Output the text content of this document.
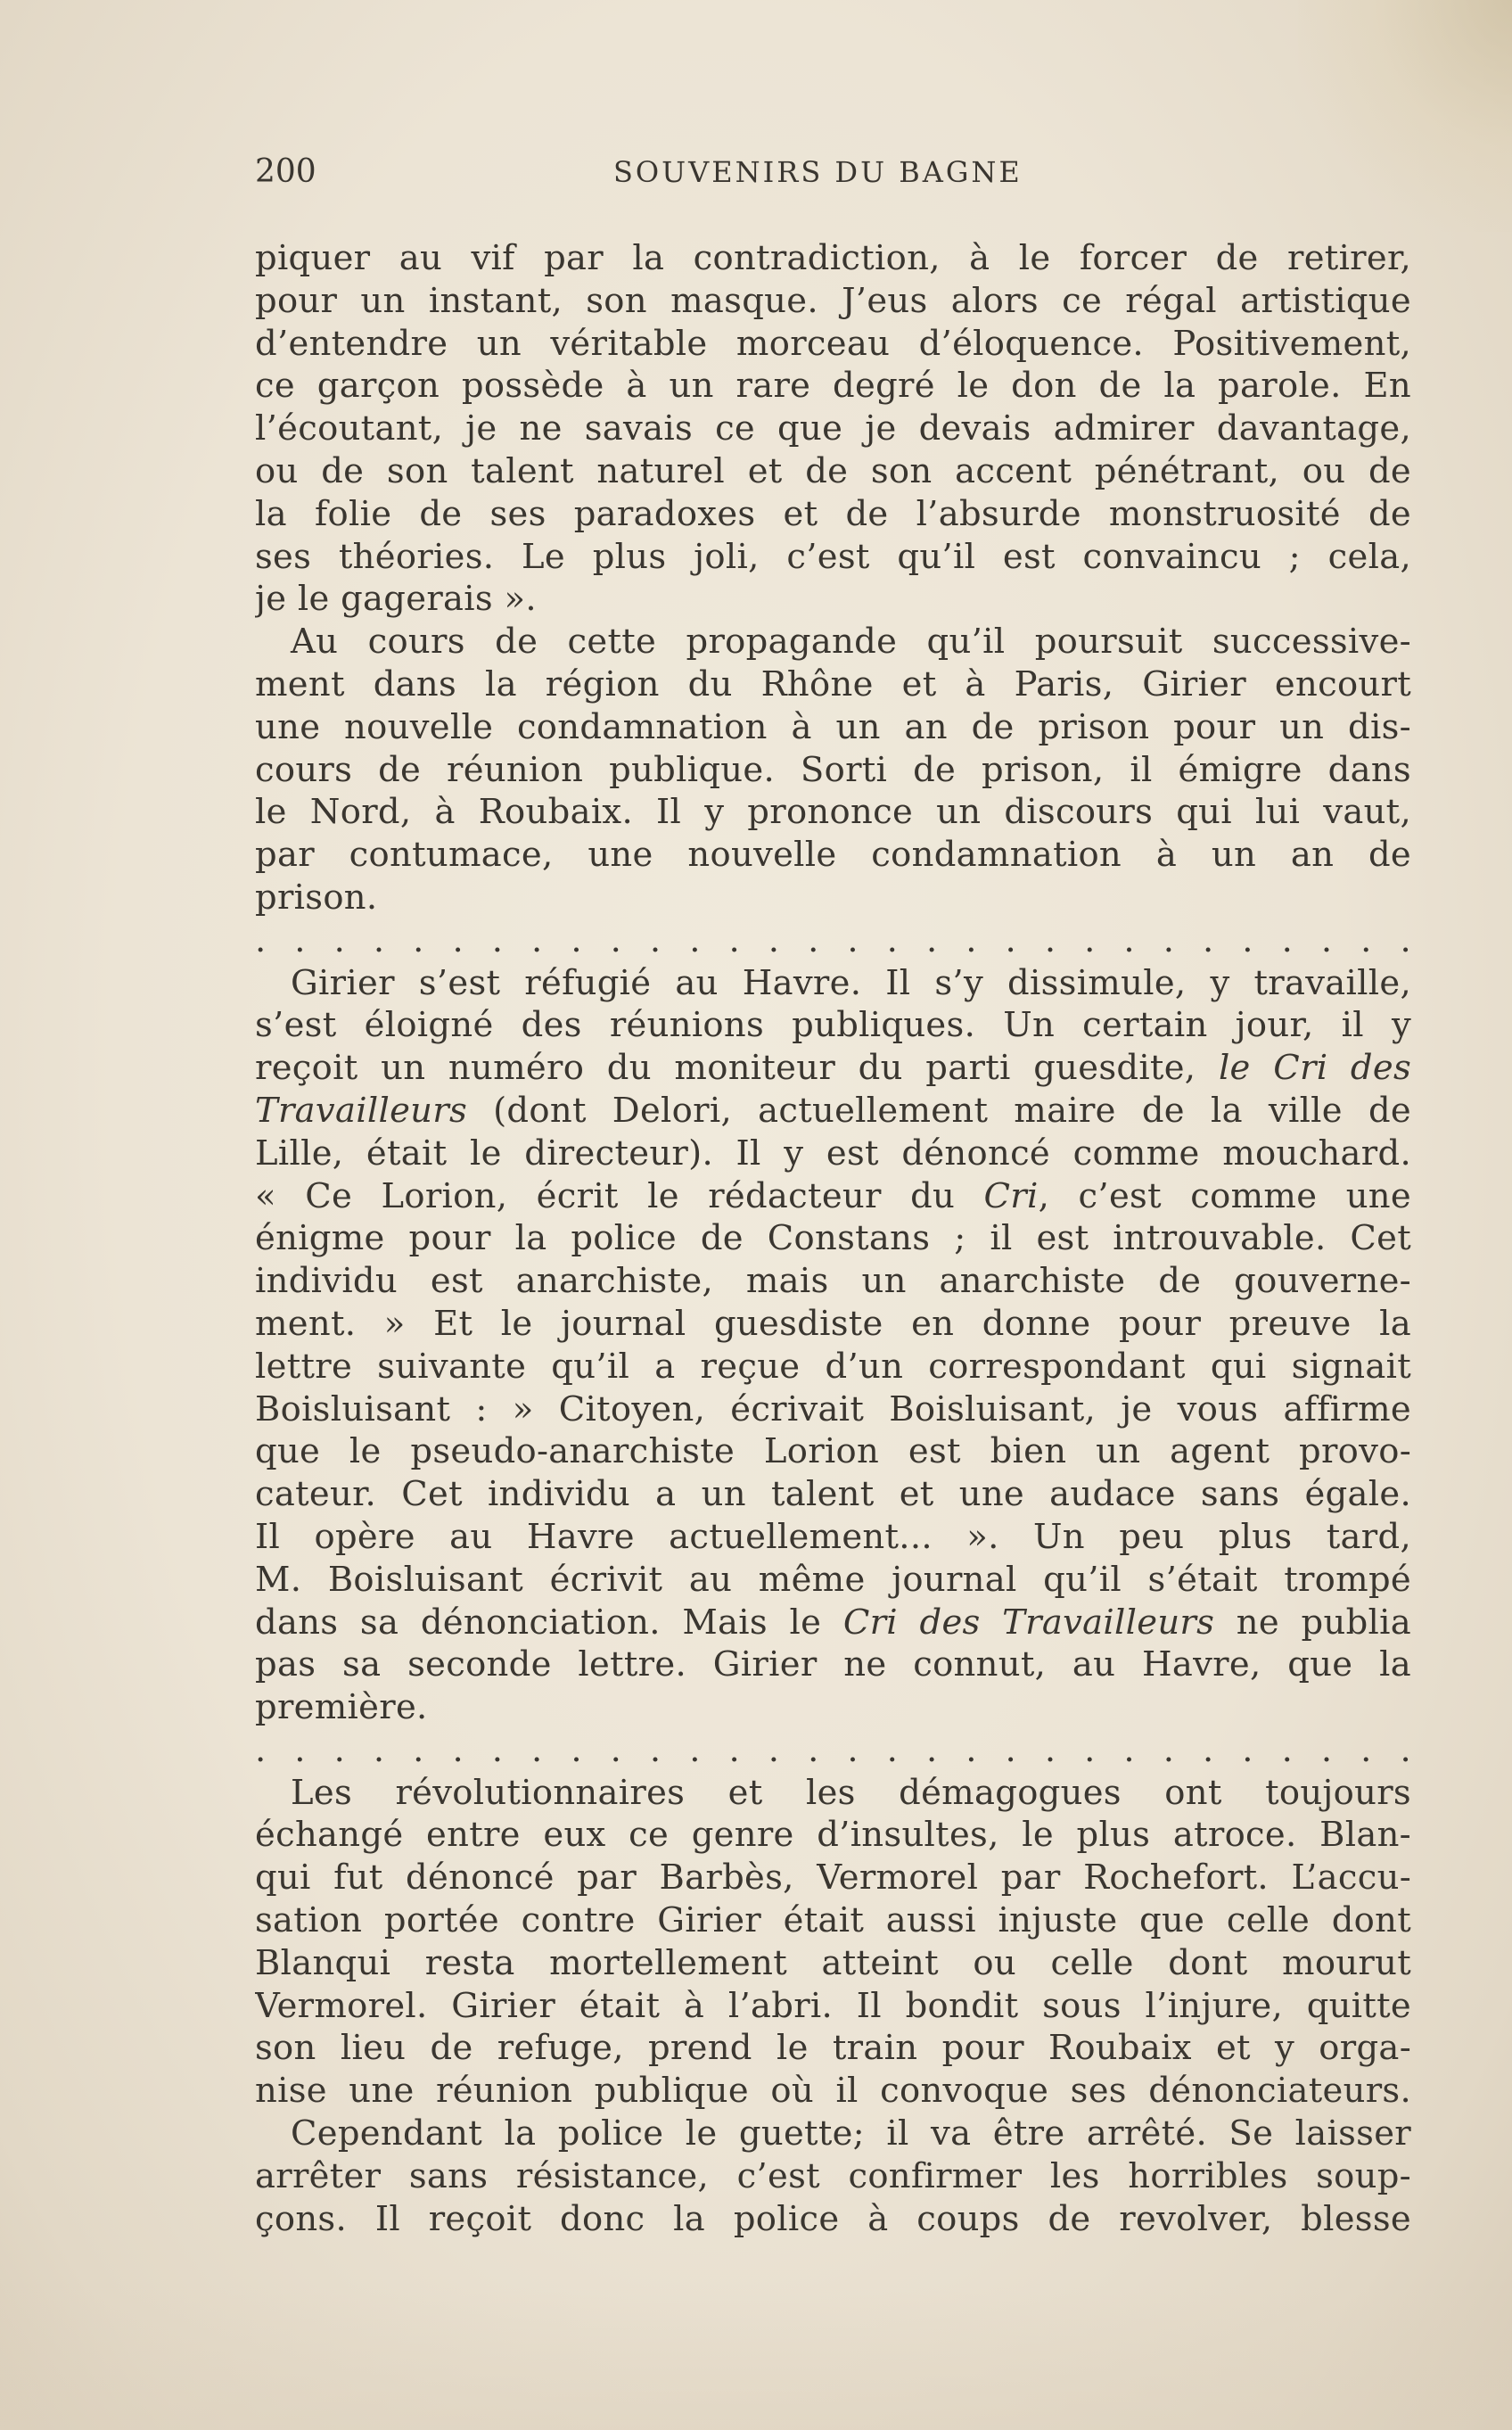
200	SOUVENIRS DU BAGNE
piquer au vif par la contradiction, à le forcer de retirer,
pour un instant, son masque. J’eus alors ce régal artistique
d’entendre un véritable morceau d’éloquence. Positivement,
ce garçon possède à un rare degré le don de la parole. En
l’écoutant, je ne savais ce que je devais admirer davantage,
ou de son talent naturel et de son accent pénétrant, ou de
la folie de ses paradoxes et de l’absurde monstruosité de
ses théories. Le plus joli, c’est qu’il est convaincu ; cela,
je le gagerais ».
Au cours de cette propagande qu’il poursuit successive-
ment dans la région du Rhône et à Paris, Girier encourt
une nouvelle condamnation à un an de prison pour un dis-
cours de réunion publique. Sorti de prison, il émigre dans
le Nord, à Roubaix. Il y prononce un discours qui lui vaut,
par contumace, une nouvelle condamnation à un an de
prison.
. . . . . . . . . . . . . . . . . . . . . . . . . . . . . .
Girier s’est réfugié au Havre. Il s’y dissimule, y travaille,
s’est éloigné des réunions publiques. Un certain jour, il y
reçoit un numéro du moniteur du parti guesdite, le Cri des
Travailleurs (dont Delori, actuellement maire de la ville de
Lille, était le directeur). Il y est dénoncé comme mouchard.
« Ce Lorion, écrit le rédacteur du Cri, c’est comme une
énigme pour la police de Constans ; il est introuvable. Cet
individu est anarchiste, mais un anarchiste de gouverne-
ment. » Et le journal guesdiste en donne pour preuve la
lettre suivante qu’il a reçue d’un correspondant qui signait
Boisluisant : » Citoyen, écrivait Boisluisant, je vous affirme
que le pseudo-anarchiste Lorion est bien un agent provo-
cateur. Cet individu a un talent et une audace sans égale.
Il opère au Havre actuellement... ». Un peu plus tard,
M. Boisluisant écrivit au même journal qu’il s’était trompé
dans sa dénonciation. Mais le Cri des Travailleurs ne publia
pas sa seconde lettre. Girier ne connut, au Havre, que la
première.
. . . . . . . . . . . . . . . . . . . . . . . . . . . . . .
Les révolutionnaires et les démagogues ont toujours
échangé entre eux ce genre d’insultes, le plus atroce. Blan-
qui fut dénoncé par Barbès, Vermorel par Rochefort. L’accu-
sation portée contre Girier était aussi injuste que celle dont
Blanqui resta mortellement atteint ou celle dont mourut
Vermorel. Girier était à l’abri. Il bondit sous l’injure, quitte
son lieu de refuge, prend le train pour Roubaix et y orga-
nise une réunion publique où il convoque ses dénonciateurs.
Cependant la police le guette; il va être arrêté. Se laisser
arrêter sans résistance, c’est confirmer les horribles soup-
çons. Il reçoit donc la police à coups de revolver, blesse
